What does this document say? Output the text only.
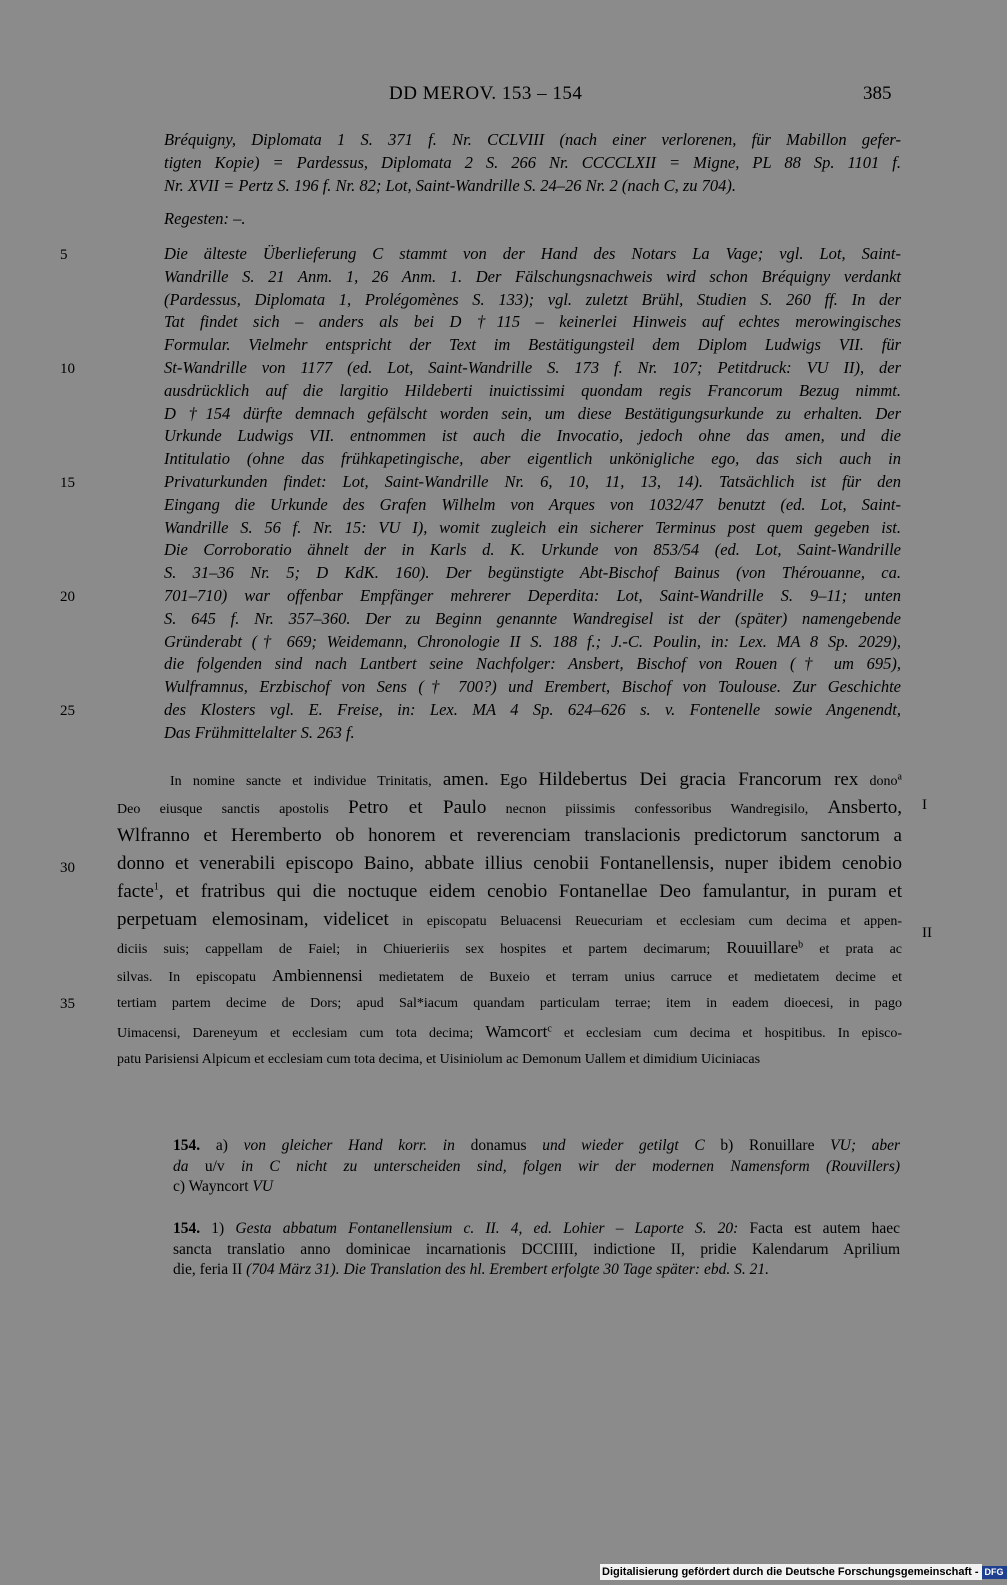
DD MEROV. 153 – 154	385
Bréquigny, Diplomata 1 S. 371 f. Nr. CCLVIII (nach einer verlorenen, für Mabillon gefer-
tigten Kopie) = Pardessus, Diplomata 2 S. 266 Nr. CCCCLXII = Migne, PL 88 Sp. 1101 f.
Nr. XVII = Pertz S. 196 f. Nr. 82; Lot, Saint-Wandrille S. 24–26 Nr. 2 (nach C, zu 704).
Regesten: –.
Die älteste Überlieferung C stammt von der Hand des Notars La Vage; vgl. Lot, Saint-
Wandrille S. 21 Anm. 1, 26 Anm. 1. Der Fälschungsnachweis wird schon Bréquigny verdankt
(Pardessus, Diplomata 1, Prolégomènes S. 133); vgl. zuletzt Brühl, Studien S. 260 ff. In der
Tat findet sich – anders als bei D †115 – keinerlei Hinweis auf echtes merowingisches
Formular. Vielmehr entspricht der Text im Bestätigungsteil dem Diplom Ludwigs VII. für
St-Wandrille von 1177 (ed. Lot, Saint-Wandrille S. 173 f. Nr. 107; Petitdruck: VU II), der
ausdrücklich auf die largitio Hildeberti inuictissimi quondam regis Francorum Bezug nimmt.
D †154 dürfte demnach gefälscht worden sein, um diese Bestätigungsurkunde zu erhalten. Der
Urkunde Ludwigs VII. entnommen ist auch die Invocatio, jedoch ohne das amen, und die
Intitulatio (ohne das frühkapetingische, aber eigentlich unkönigliche ego, das sich auch in
Privaturkunden findet: Lot, Saint-Wandrille Nr. 6, 10, 11, 13, 14). Tatsächlich ist für den
Eingang die Urkunde des Grafen Wilhelm von Arques von 1032/47 benutzt (ed. Lot, Saint-
Wandrille S. 56 f. Nr. 15: VU I), womit zugleich ein sicherer Terminus post quem gegeben ist.
Die Corroboratio ähnelt der in Karls d. K. Urkunde von 853/54 (ed. Lot, Saint-Wandrille
S. 31–36 Nr. 5; D KdK. 160). Der begünstigte Abt-Bischof Bainus (von Thérouanne, ca.
701–710) war offenbar Empfänger mehrerer Deperdita: Lot, Saint-Wandrille S. 9–11; unten
S. 645 f. Nr. 357–360. Der zu Beginn genannte Wandregisel ist der (später) namengebende
Gründerabt († 669; Weidemann, Chronologie II S. 188 f.; J.-C. Poulin, in: Lex. MA 8 Sp. 2029),
die folgenden sind nach Lantbert seine Nachfolger: Ansbert, Bischof von Rouen († um 695),
Wulframnus, Erzbischof von Sens († 700?) und Erembert, Bischof von Toulouse. Zur Geschichte
des Klosters vgl. E. Freise, in: Lex. MA 4 Sp. 624–626 s. v. Fontenelle sowie Angenendt,
Das Frühmittelalter S. 263 f.
5
10
15
20
25
30
35
I
II
In nomine sancte et individue Trinitatis, amen. Ego Hildebertus Dei gracia Francorum rex dono$^a$
Deo eiusque sanctis apostolis Petro et Paulo necnon piissimis confessoribus Wandregisilo, Ansberto,
Wlfranno et Heremberto ob honorem et reverenciam translacionis predictorum sanctorum a
donno et venerabili episcopo Baino, abbate illius cenobii Fontanellensis, nuper ibidem cenobio
facte$^1$, et fratribus qui die noctuque eidem cenobio Fontanellae Deo famulantur, in puram et
perpetuam elemosinam, videlicet in episcopatu Beluacensi Reuecuriam et ecclesiam cum decima et appen-
diciis suis; cappellam de Faiel; in Chiuerieriis sex hospites et partem decimarum; Rouuillare$^b$ et prata ac
silvas. In episcopatu Ambiennensi medietatem de Buxeio et terram unius carruce et medietatem decime et
tertiam partem decime de Dors; apud Sal*iacum quandam particulam terrae; item in eadem dioecesi, in pago
Uimacensi, Dareneyum et ecclesiam cum tota decima; Wamcort$^c$ et ecclesiam cum decima et hospitibus. In episco-
patu Parisiensi Alpicum et ecclesiam cum tota decima, et Uisiniolum ac Demonum Uallem et dimidium Uiciniacas
154. a) von gleicher Hand korr. in donamus und wieder getilgt C b) Ronuillare VU; aber
da u/v in C nicht zu unterscheiden sind, folgen wir der modernen Namensform (Rouvillers)
c) Wayncort VU
154. 1) Gesta abbatum Fontanellensium c. II. 4, ed. Lohier – Laporte S. 20: Facta est autem haec
sancta translatio anno dominicae incarnationis DCCIIII, indictione II, pridie Kalendarum Aprilium
die, feria II (704 März 31). Die Translation des hl. Erembert erfolgte 30 Tage später: ebd. S. 21.
Digitalisierung gefördert durch die Deutsche Forschungsgemeinschaft - DFG
